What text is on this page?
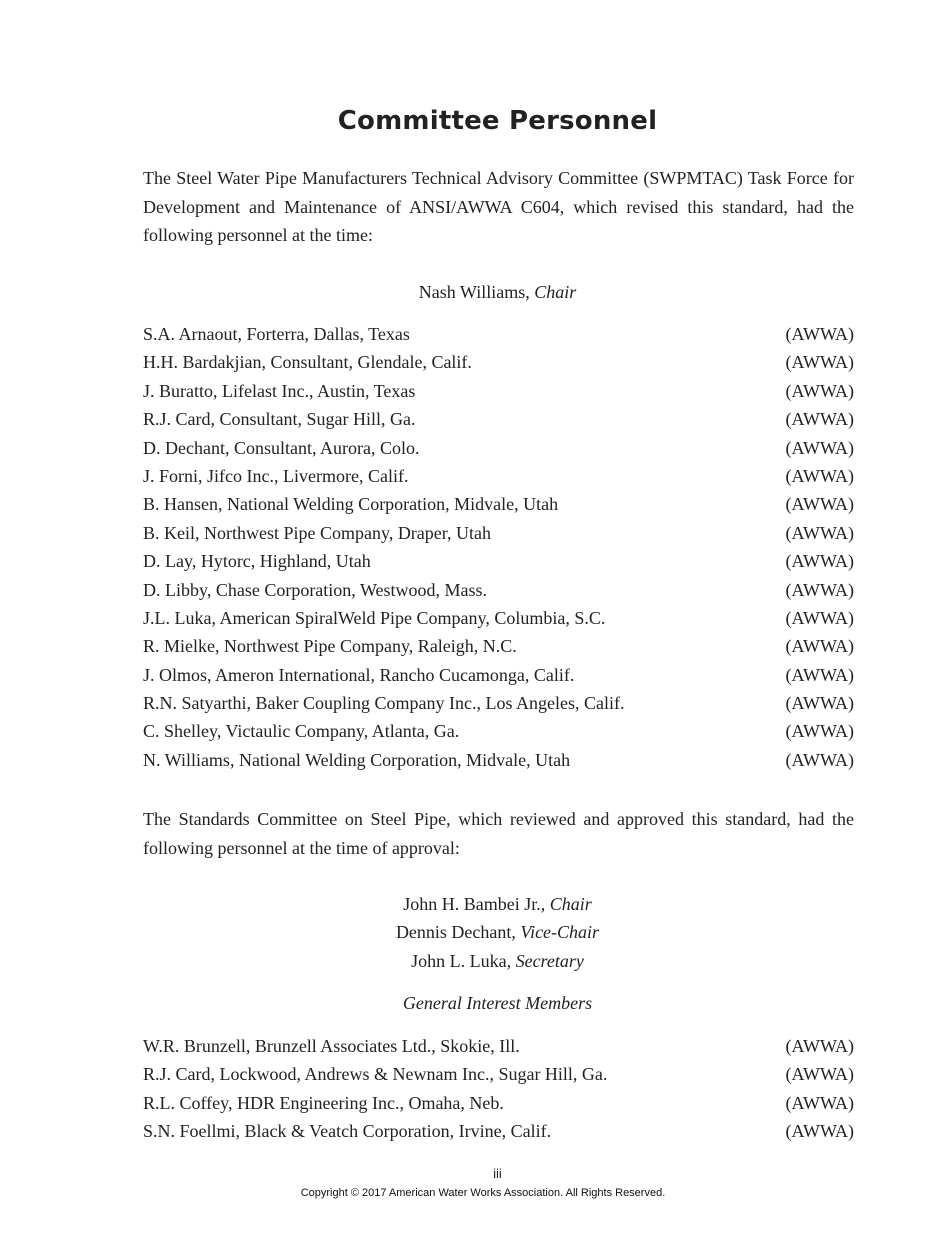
Committee Personnel
The Steel Water Pipe Manufacturers Technical Advisory Committee (SWPMTAC) Task Force for Development and Maintenance of ANSI/AWWA C604, which revised this standard, had the following personnel at the time:
Nash Williams, Chair
S.A. Arnaout, Forterra, Dallas, Texas	(AWWA)
H.H. Bardakjian, Consultant, Glendale, Calif.	(AWWA)
J. Buratto, Lifelast Inc., Austin, Texas	(AWWA)
R.J. Card, Consultant, Sugar Hill, Ga.	(AWWA)
D. Dechant, Consultant, Aurora, Colo.	(AWWA)
J. Forni, Jifco Inc., Livermore, Calif.	(AWWA)
B. Hansen, National Welding Corporation, Midvale, Utah	(AWWA)
B. Keil, Northwest Pipe Company, Draper, Utah	(AWWA)
D. Lay, Hytorc, Highland, Utah	(AWWA)
D. Libby, Chase Corporation, Westwood, Mass.	(AWWA)
J.L. Luka, American SpiralWeld Pipe Company, Columbia, S.C.	(AWWA)
R. Mielke, Northwest Pipe Company, Raleigh, N.C.	(AWWA)
J. Olmos, Ameron International, Rancho Cucamonga, Calif.	(AWWA)
R.N. Satyarthi, Baker Coupling Company Inc., Los Angeles, Calif.	(AWWA)
C. Shelley, Victaulic Company, Atlanta, Ga.	(AWWA)
N. Williams, National Welding Corporation, Midvale, Utah	(AWWA)
The Standards Committee on Steel Pipe, which reviewed and approved this standard, had the following personnel at the time of approval:
John H. Bambei Jr., Chair
Dennis Dechant, Vice-Chair
John L. Luka, Secretary
General Interest Members
W.R. Brunzell, Brunzell Associates Ltd., Skokie, Ill.	(AWWA)
R.J. Card, Lockwood, Andrews & Newnam Inc., Sugar Hill, Ga.	(AWWA)
R.L. Coffey, HDR Engineering Inc., Omaha, Neb.	(AWWA)
S.N. Foellmi, Black & Veatch Corporation, Irvine, Calif.	(AWWA)
iii
Copyright © 2017 American Water Works Association. All Rights Reserved.
